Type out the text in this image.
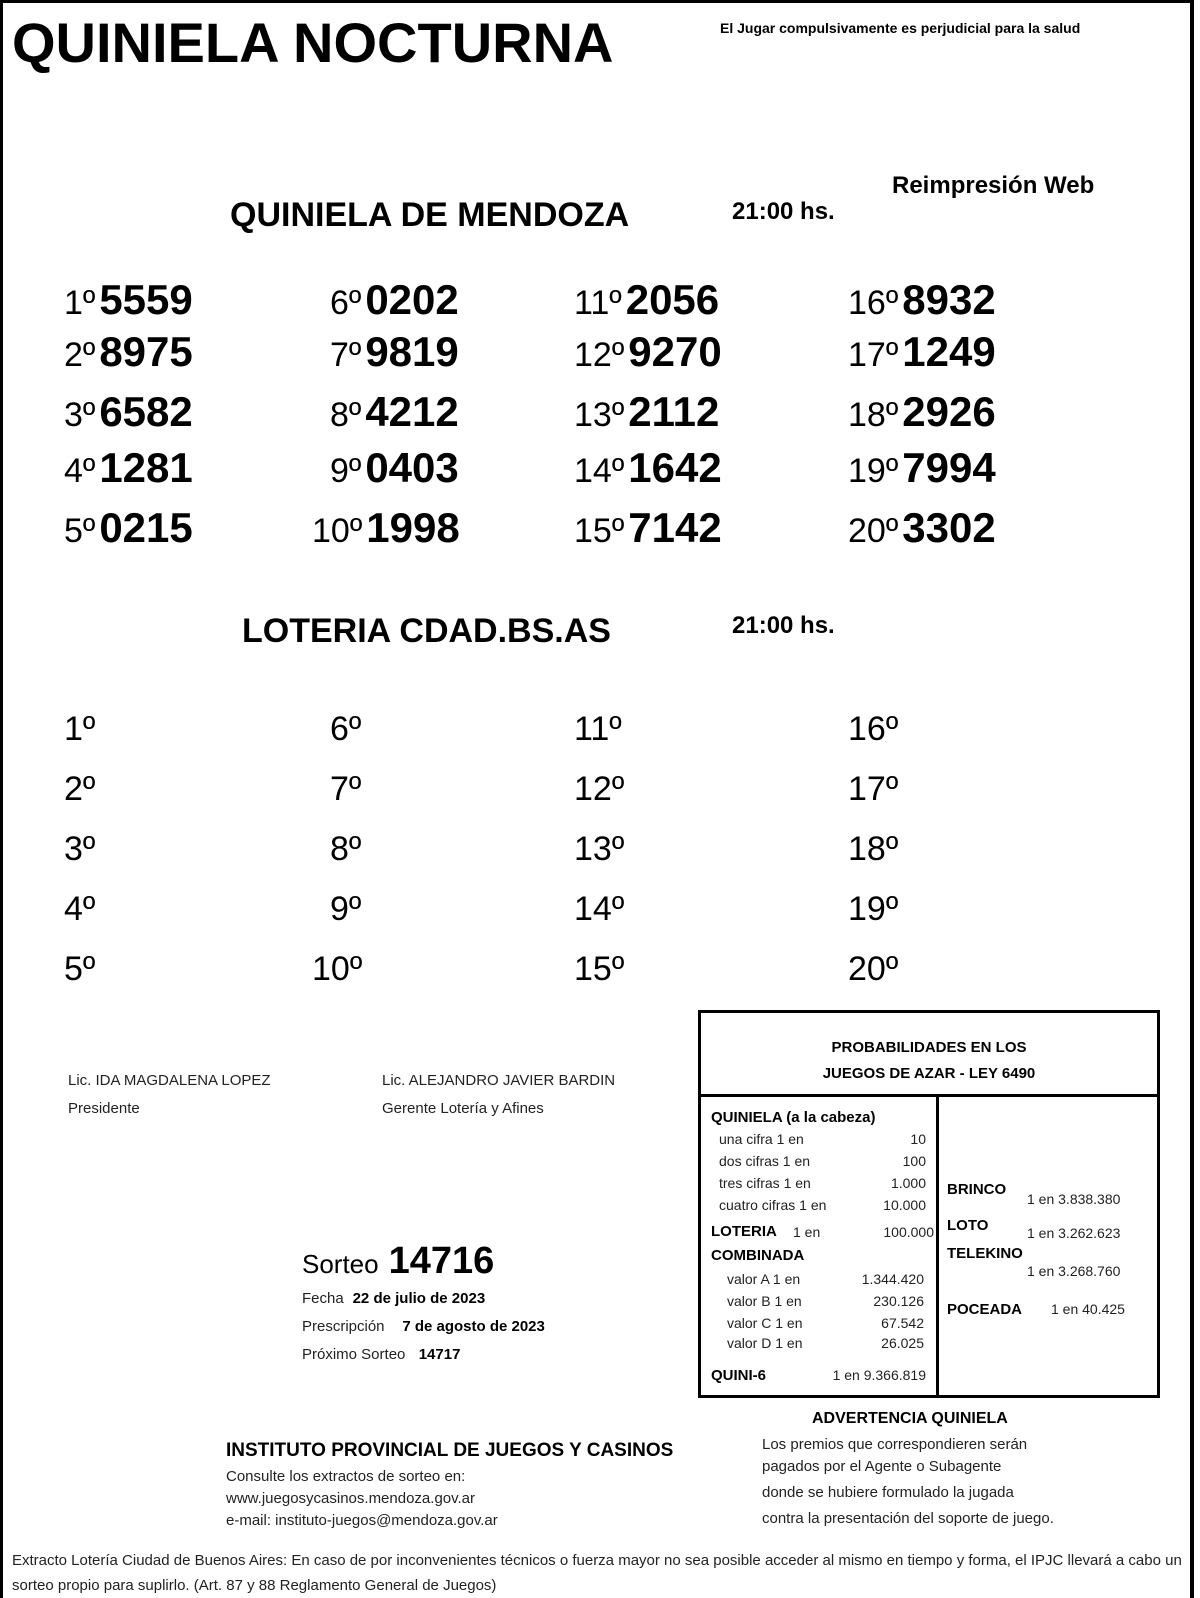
QUINIELA NOCTURNA	El Jugar compulsivamente es perjudicial para la salud
Reimpresión Web
QUINIELA DE MENDOZA	21:00 hs.
1º5559
2º8975
3º6582
4º1281
5º0215
6º0202
7º9819
8º4212
9º0403
10º1998
11º2056
12º9270
13º2112
14º1642
15º7142
16º8932
17º1249
18º2926
19º7994
20º3302
LOTERIA CDAD.BS.AS	21:00 hs.
1º
2º
3º
4º
5º
6º
7º
8º
9º
10º
11º
12º
13º
14º
15º
16º
17º
18º
19º
20º
Lic. IDA MAGDALENA LOPEZ
Presidente
Lic. ALEJANDRO JAVIER BARDIN
Gerente Lotería y Afines
Sorteo 14716
Fecha 22 de julio de 2023
Prescripción 7 de agosto de 2023
Próximo Sorteo 14717
PROBABILIDADES EN LOS
JUEGOS DE AZAR - LEY 6490
QUINIELA (a la cabeza)
una cifra 1 en	10
dos cifras 1 en	100
tres cifras 1 en	1.000
cuatro cifras 1 en	10.000
LOTERIA 1 en	100.000
COMBINADA
valor A 1 en	1.344.420
valor B 1 en	230.126
valor C 1 en	67.542
valor D 1 en	26.025
QUINI-6	1 en 9.366.819
BRINCO
1 en 3.838.380
LOTO	1 en 3.262.623
TELEKINO
1 en 3.268.760
POCEADA 1 en 40.425
ADVERTENCIA QUINIELA
Los premios que correspondieren serán
pagados por el Agente o Subagente
donde se hubiere formulado la jugada
contra la presentación del soporte de juego.
INSTITUTO PROVINCIAL DE JUEGOS Y CASINOS
Consulte los extractos de sorteo en:
www.juegosycasinos.mendoza.gov.ar
e-mail: instituto-juegos@mendoza.gov.ar
Extracto Lotería Ciudad de Buenos Aires: En caso de por inconvenientes técnicos o fuerza mayor no sea posible acceder al mismo en tiempo y forma, el IPJC llevará a cabo un sorteo propio para suplirlo. (Art. 87 y 88 Reglamento General de Juegos)
